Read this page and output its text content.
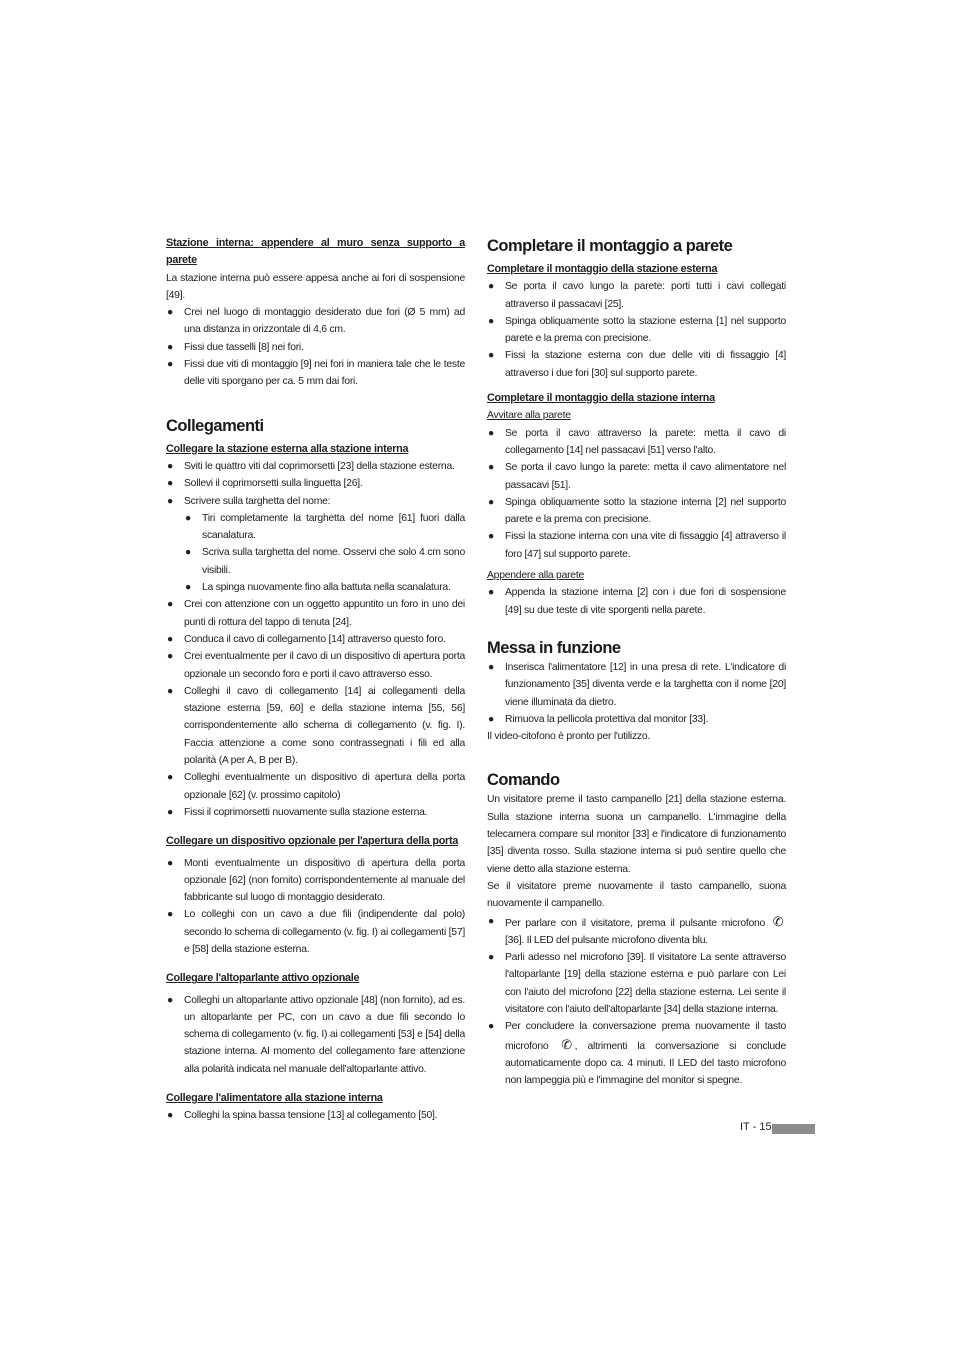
Stazione interna: appendere al muro senza supporto a parete
La stazione interna può essere appesa anche ai fori di sospensione [49].
● Crei nel luogo di montaggio desiderato due fori (Ø 5 mm) ad una distanza in orizzontale di 4,6 cm.
● Fissi due tasselli [8] nei fori.
● Fissi due viti di montaggio [9] nei fori in maniera tale che le teste delle viti sporgano per ca. 5 mm dai fori.
Collegamenti
Collegare la stazione esterna alla stazione interna
● Sviti le quattro viti dal coprimorsetti [23] della stazione esterna.
● Sollevi il coprimorsetti sulla linguetta [26].
● Scrivere sulla targhetta del nome:
● Tiri completamente la targhetta del nome [61] fuori dalla scanalatura.
● Scriva sulla targhetta del nome. Osservi che solo 4 cm sono visibili.
● La spinga nuovamente fino alla battuta nella scanalatura.
● Crei con attenzione con un oggetto appuntito un foro in uno dei punti di rottura del tappo di tenuta [24].
● Conduca il cavo di collegamento [14] attraverso questo foro.
● Crei eventualmente per il cavo di un dispositivo di apertura porta opzionale un secondo foro e porti il cavo attraverso esso.
● Colleghi il cavo di collegamento [14] ai collegamenti della stazione esterna [59, 60] e della stazione interna [55, 56] corrispondentemente allo schema di collegamento (v. fig. I). Faccia attenzione a come sono contrassegnati i fili ed alla polarità (A per A, B per B).
● Colleghi eventualmente un dispositivo di apertura della porta opzionale [62] (v. prossimo capitolo)
● Fissi il coprimorsetti nuovamente sulla stazione esterna.
Collegare un dispositivo opzionale per l'apertura della porta
● Monti eventualmente un dispositivo di apertura della porta opzionale [62] (non fornito) corrispondentemente al manuale del fabbricante sul luogo di montaggio desiderato.
● Lo colleghi con un cavo a due fili (indipendente dal polo) secondo lo schema di collegamento (v. fig. I) ai collegamenti [57] e [58] della stazione esterna.
Collegare l'altoparlante attivo opzionale
● Colleghi un altoparlante attivo opzionale [48] (non fornito), ad es. un altoparlante per PC, con un cavo a due fili secondo lo schema di collegamento (v. fig. I) ai collegamenti [53] e [54] della stazione interna. Al momento del collegamento fare attenzione alla polarità indicata nel manuale dell'altoparlante attivo.
Collegare l'alimentatore alla stazione interna
● Colleghi la spina bassa tensione [13] al collegamento [50].
Completare il montaggio a parete
Completare il montaggio della stazione esterna
● Se porta il cavo lungo la parete: porti tutti i cavi collegati attraverso il passacavi [25].
● Spinga obliquamente sotto la stazione esterna [1] nel supporto parete e la prema con precisione.
● Fissi la stazione esterna con due delle viti di fissaggio [4] attraverso i due fori [30] sul supporto parete.
Completare il montaggio della stazione interna
Avvitare alla parete
● Se porta il cavo attraverso la parete: metta il cavo di collegamento [14] nel passacavi [51] verso l'alto.
● Se porta il cavo lungo la parete: metta il cavo alimentatore nel passacavi [51].
● Spinga obliquamente sotto la stazione interna [2] nel supporto parete e la prema con precisione.
● Fissi la stazione interna con una vite di fissaggio [4] attraverso il foro [47] sul supporto parete.
Appendere alla parete
● Appenda la stazione interna [2] con i due fori di sospensione [49] su due teste di vite sporgenti nella parete.
Messa in funzione
● Inserisca l'alimentatore [12] in una presa di rete. L'indicatore di funzionamento [35] diventa verde e la targhetta con il nome [20] viene illuminata da dietro.
● Rimuova la pellicola protettiva dal monitor [33].
Il video-citofono è pronto per l'utilizzo.
Comando
Un visitatore preme il tasto campanello [21] della stazione esterna. Sulla stazione interna suona un campanello. L'immagine della telecamera compare sul monitor [33] e l'indicatore di funzionamento [35] diventa rosso. Sulla stazione interna si può sentire quello che viene detto alla stazione esterna.
Se il visitatore preme nuovamente il tasto campanello, suona nuovamente il campanello.
● Per parlare con il visitatore, prema il pulsante microfono ✆ [36]. Il LED del pulsante microfono diventa blu.
● Parli adesso nel microfono [39]. Il visitatore La sente attraverso l'altoparlante [19] della stazione esterna e può parlare con Lei con l'aiuto del microfono [22] della stazione esterna. Lei sente il visitatore con l'aiuto dell'altoparlante [34] della stazione interna.
● Per concludere la conversazione prema nuovamente il tasto microfono ✆ , altrimenti la conversazione si conclude automaticamente dopo ca. 4 minuti. Il LED del tasto microfono non lampeggia più e l'immagine del monitor si spegne.
IT - 15
